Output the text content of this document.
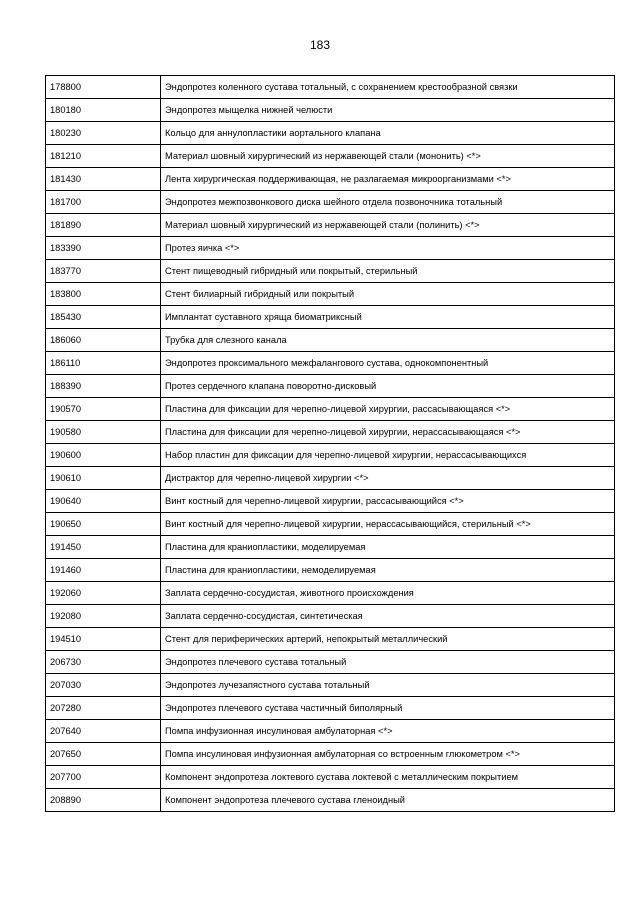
183
178800	Эндопротез коленного сустава тотальный, с сохранением крестообразной связки
180180	Эндопротез мыщелка нижней челюсти
180230	Кольцо для аннулопластики аортального клапана
181210	Материал шовный хирургический из нержавеющей стали (мононить) <*>
181430	Лента хирургическая поддерживающая, не разлагаемая микроорганизмами <*>
181700	Эндопротез межпозвонкового диска шейного отдела позвоночника тотальный
181890	Материал шовный хирургический из нержавеющей стали (полинить) <*>
183390	Протез яичка <*>
183770	Стент пищеводный гибридный или покрытый, стерильный
183800	Стент билиарный гибридный или покрытый
185430	Имплантат суставного хряща биоматриксный
186060	Трубка для слезного канала
186110	Эндопротез проксимального межфалангового сустава, однокомпонентный
188390	Протез сердечного клапана поворотно-дисковый
190570	Пластина для фиксации для черепно-лицевой хирургии, рассасывающаяся <*>
190580	Пластина для фиксации для черепно-лицевой хирургии, нерассасывающаяся <*>
190600	Набор пластин для фиксации для черепно-лицевой хирургии, нерассасывающихся
190610	Дистрактор для черепно-лицевой хирургии <*>
190640	Винт костный для черепно-лицевой хирургии, рассасывающийся <*>
190650	Винт костный для черепно-лицевой хирургии, нерассасывающийся, стерильный <*>
191450	Пластина для краниопластики, моделируемая
191460	Пластина для краниопластики, немоделируемая
192060	Заплата сердечно-сосудистая, животного происхождения
192080	Заплата сердечно-сосудистая, синтетическая
194510	Стент для периферических артерий, непокрытый металлический
206730	Эндопротез плечевого сустава тотальный
207030	Эндопротез лучезапястного сустава тотальный
207280	Эндопротез плечевого сустава частичный биполярный
207640	Помпа инфузионная инсулиновая амбулаторная <*>
207650	Помпа инсулиновая инфузионная амбулаторная со встроенным глюкометром <*>
207700	Компонент эндопротеза локтевого сустава локтевой с металлическим покрытием
208890	Компонент эндопротеза плечевого сустава гленоидный
